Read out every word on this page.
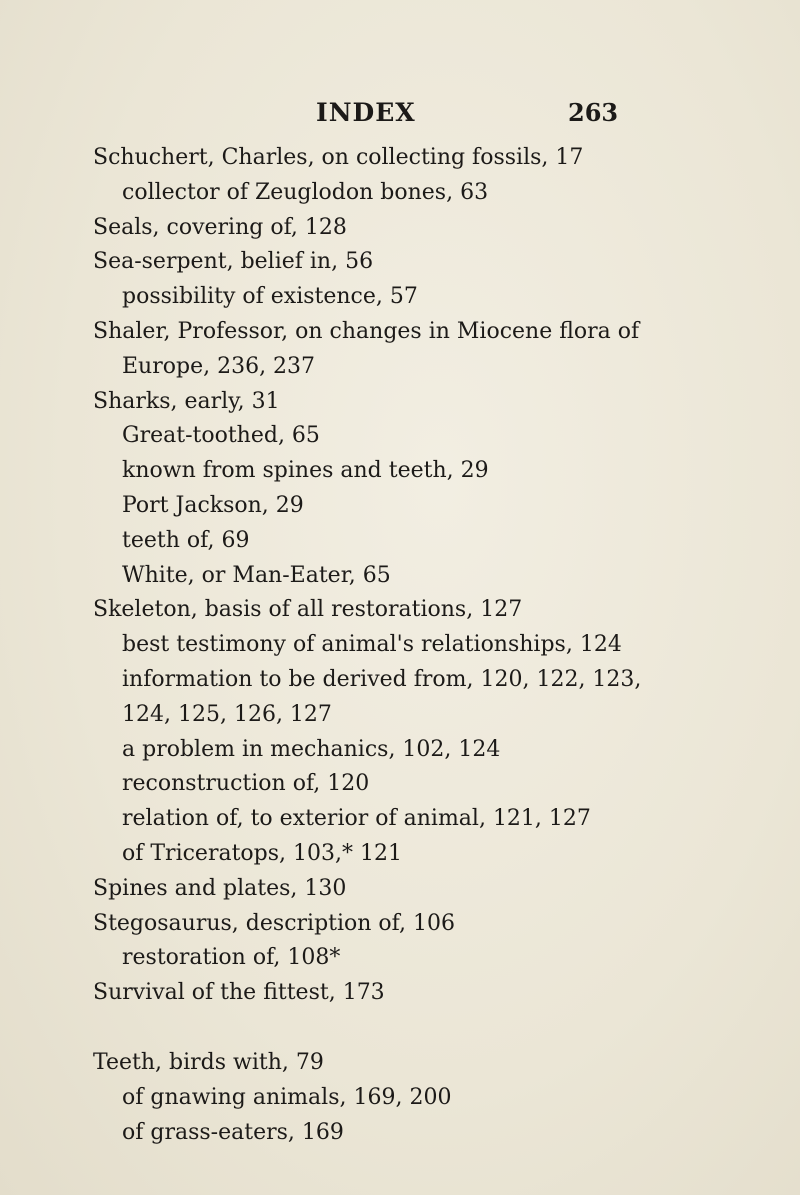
INDEX	263
Schuchert, Charles, on collecting fossils, 17
collector of Zeuglodon bones, 63
Seals, covering of, 128
Sea-serpent, belief in, 56
possibility of existence, 57
Shaler, Professor, on changes in Miocene flora of
Europe, 236, 237
Sharks, early, 31
Great-toothed, 65
known from spines and teeth, 29
Port Jackson, 29
teeth of, 69
White, or Man-Eater, 65
Skeleton, basis of all restorations, 127
best testimony of animal's relationships, 124
information to be derived from, 120, 122, 123,
124, 125, 126, 127
a problem in mechanics, 102, 124
reconstruction of, 120
relation of, to exterior of animal, 121, 127
of Triceratops, 103,* 121
Spines and plates, 130
Stegosaurus, description of, 106
restoration of, 108*
Survival of the fittest, 173
Teeth, birds with, 79
of gnawing animals, 169, 200
of grass-eaters, 169
